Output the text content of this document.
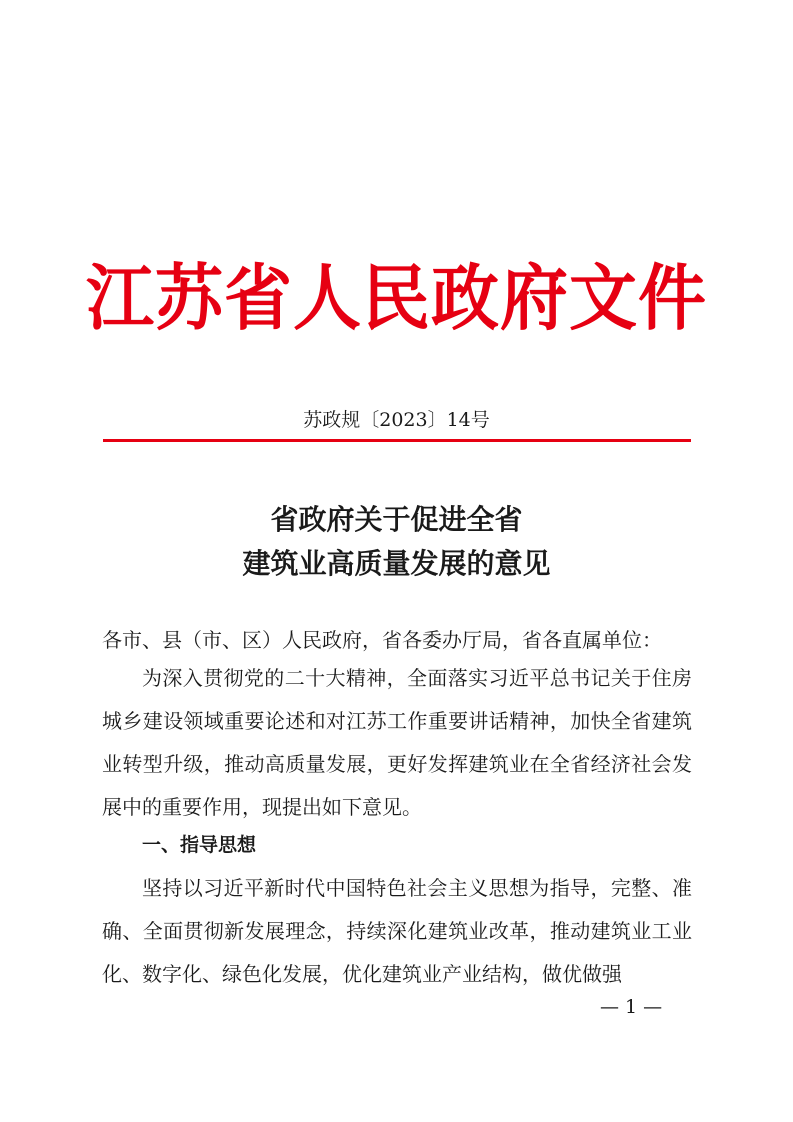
江苏省人民政府文件
苏政规〔2023〕14号
省政府关于促进全省
建筑业高质量发展的意见
各市、县（市、区）人民政府，省各委办厅局，省各直属单位：
为深入贯彻党的二十大精神，全面落实习近平总书记关于住房城乡建设领域重要论述和对江苏工作重要讲话精神，加快全省建筑业转型升级，推动高质量发展，更好发挥建筑业在全省经济社会发展中的重要作用，现提出如下意见。
一、指导思想
坚持以习近平新时代中国特色社会主义思想为指导，完整、准确、全面贯彻新发展理念，持续深化建筑业改革，推动建筑业工业化、数字化、绿色化发展，优化建筑业产业结构，做优做强
— 1 —
